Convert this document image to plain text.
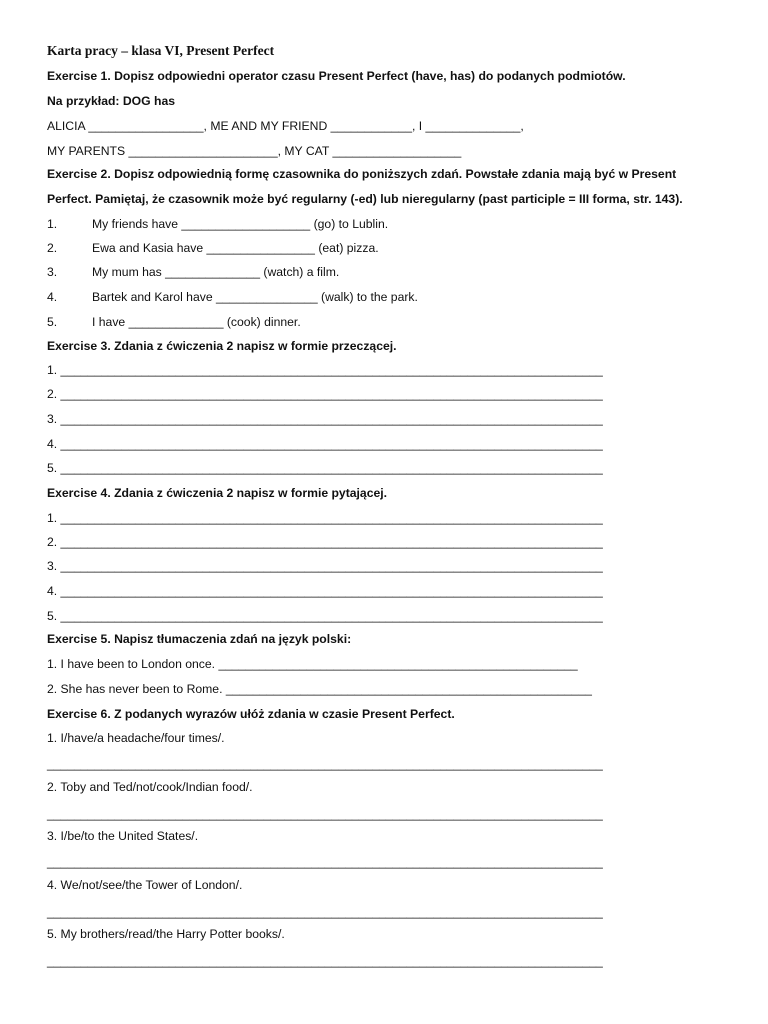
Karta pracy – klasa VI, Present Perfect
Exercise 1. Dopisz odpowiedni operator czasu Present Perfect (have, has) do podanych podmiotów.
Na przykład: DOG has
ALICIA _________________, ME AND MY FRIEND ____________, I ______________,
MY PARENTS ______________________, MY CAT ___________________
Exercise 2. Dopisz odpowiednią formę czasownika do poniższych zdań. Powstałe zdania mają być w Present
Perfect. Pamiętaj, że czasownik może być regularny (-ed) lub nieregularny (past participle = III forma, str. 143).
1.	My friends have ___________________ (go) to Lublin.
2.	Ewa and Kasia have ________________ (eat) pizza.
3.	My mum has ______________ (watch) a film.
4.	Bartek and Karol have _______________ (walk) to the park.
5.	I have ______________ (cook) dinner.
Exercise 3. Zdania z ćwiczenia 2 napisz w formie przeczącej.
1. ________________________________________________________________________________
2. ________________________________________________________________________________
3. ________________________________________________________________________________
4. ________________________________________________________________________________
5. ________________________________________________________________________________
Exercise 4. Zdania z ćwiczenia 2 napisz w formie pytającej.
1. ________________________________________________________________________________
2. ________________________________________________________________________________
3. ________________________________________________________________________________
4. ________________________________________________________________________________
5. ________________________________________________________________________________
Exercise 5. Napisz tłumaczenia zdań na język polski:
1. I have been to London once. _____________________________________________________
2. She has never been to Rome. ______________________________________________________
Exercise 6. Z podanych wyrazów ułóż zdania w czasie Present Perfect.
1. I/have/a headache/four times/.
__________________________________________________________________________________
2. Toby and Ted/not/cook/Indian food/.
__________________________________________________________________________________
3. I/be/to the United States/.
__________________________________________________________________________________
4. We/not/see/the Tower of London/.
__________________________________________________________________________________
5. My brothers/read/the Harry Potter books/.
__________________________________________________________________________________
